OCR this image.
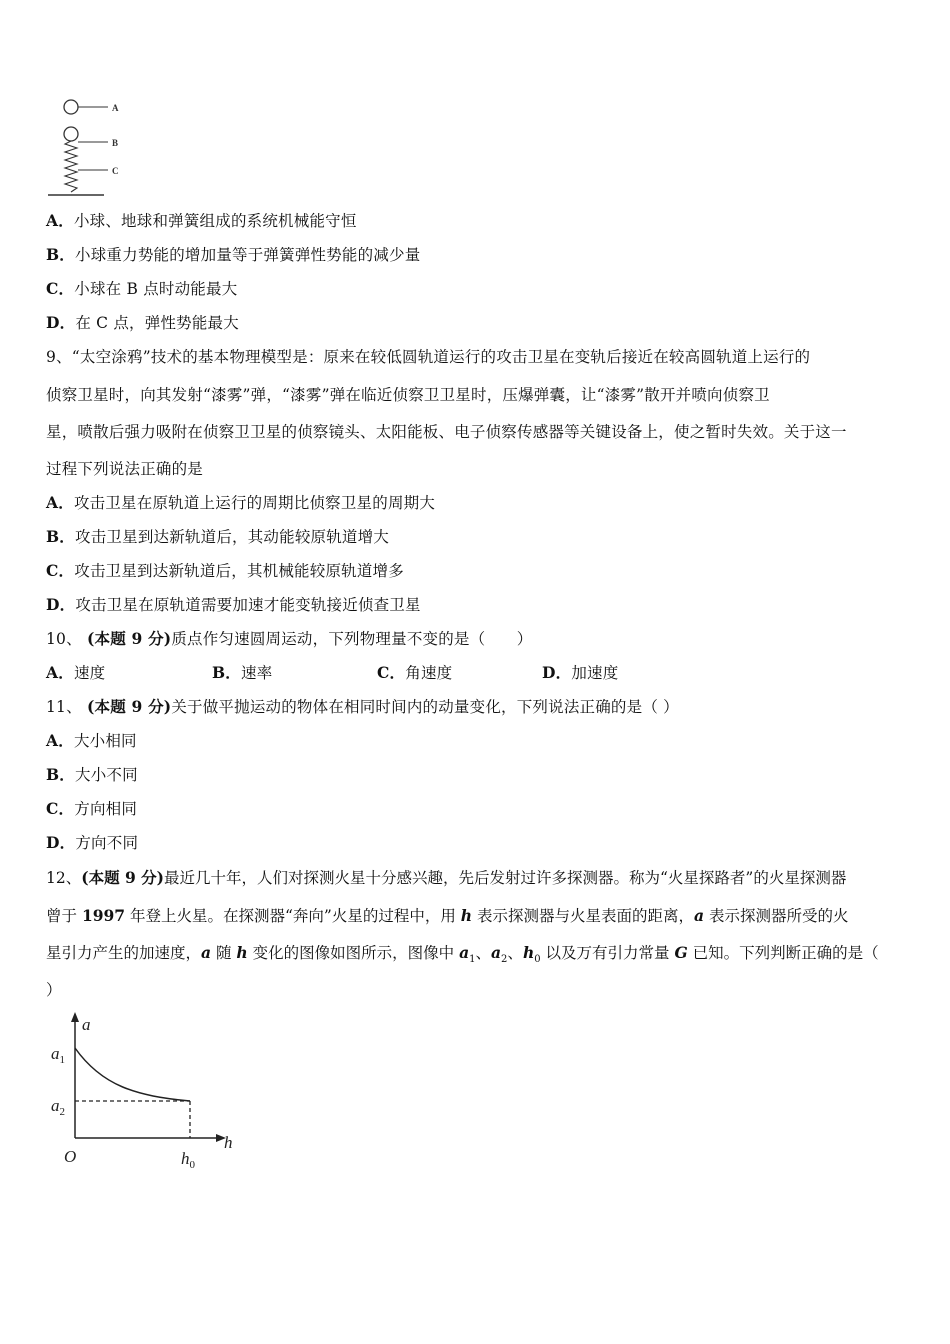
A
B
C
A．小球、地球和弹簧组成的系统机械能守恒
B．小球重力势能的增加量等于弹簧弹性势能的减少量
C．小球在 B 点时动能最大
D．在 C 点，弹性势能最大
9、“太空涂鸦”技术的基本物理模型是：原来在较低圆轨道运行的攻击卫星在变轨后接近在较高圆轨道上运行的
侦察卫星时，向其发射“漆雾”弹，“漆雾”弹在临近侦察卫卫星时，压爆弹囊，让“漆雾”散开并喷向侦察卫
星，喷散后强力吸附在侦察卫卫星的侦察镜头、太阳能板、电子侦察传感器等关键设备上，使之暂时失效。关于这一
过程下列说法正确的是
A．攻击卫星在原轨道上运行的周期比侦察卫星的周期大
B．攻击卫星到达新轨道后，其动能较原轨道增大
C．攻击卫星到达新轨道后，其机械能较原轨道增多
D．攻击卫星在原轨道需要加速才能变轨接近侦查卫星
10、 (本题 9 分)质点作匀速圆周运动，下列物理量不变的是（　　）
A．速度	B．速率	C．角速度	D．加速度
11、 (本题 9 分)关于做平抛运动的物体在相同时间内的动量变化，下列说法正确的是（ ）
A．大小相同
B．大小不同
C．方向相同
D．方向不同
12、(本题 9 分)最近几十年，人们对探测火星十分感兴趣，先后发射过许多探测器。称为“火星探路者”的火星探测器
曾于 1997 年登上火星。在探测器“奔向”火星的过程中，用 h 表示探测器与火星表面的距离，a 表示探测器所受的火
星引力产生的加速度，a 随 h 变化的图像如图所示，图像中 $a_1$、$a_2$、$h_0$ 以及万有引力常量 G 已知。下列判断正确的是（
）
a
h
$a_1$
$a_2$
O	$h_0$
